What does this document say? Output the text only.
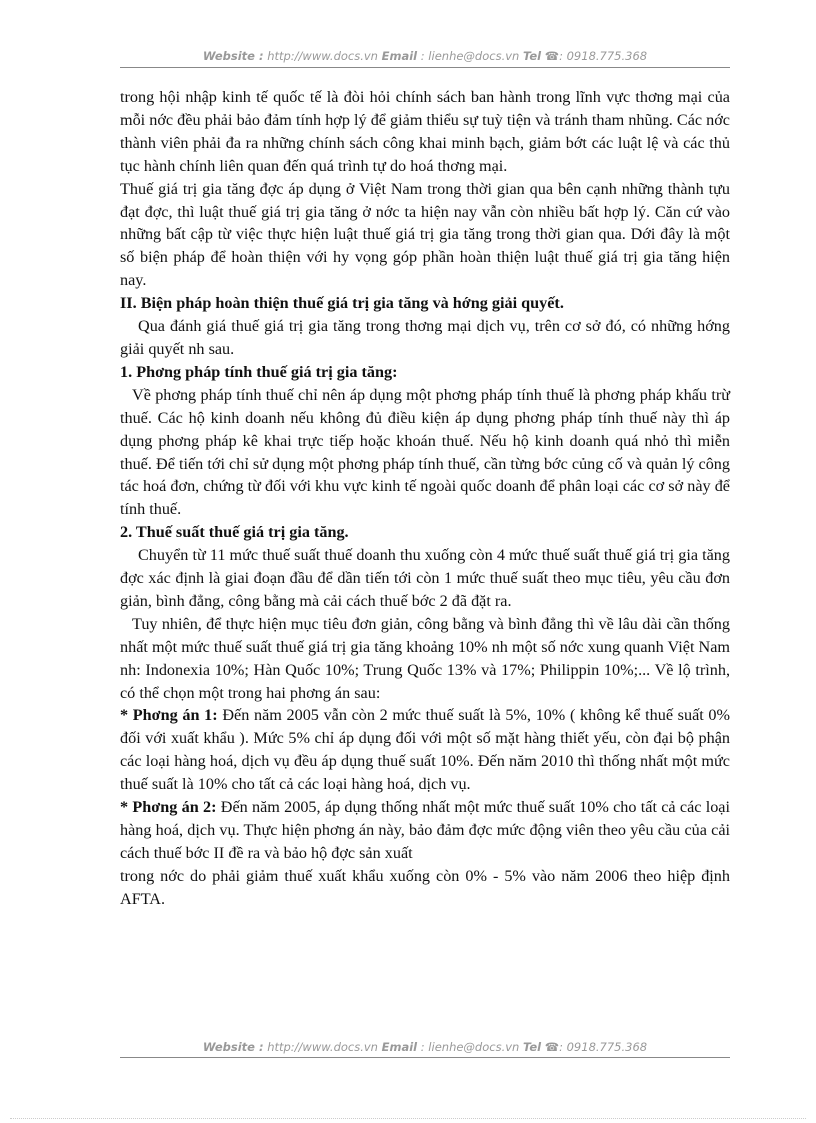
Website : http://www.docs.vn Email : lienhe@docs.vn Tel ☎: 0918.775.368

trong hội nhập kinh tế quốc tế là đòi hỏi chính sách ban hành trong lĩnh vực thơng mại của mỗi nớc đều phải bảo đảm tính hợp lý để giảm thiểu sự tuỳ tiện và tránh tham nhũng. Các nớc thành viên phải đa ra những chính sách công khai minh bạch, giảm bớt các luật lệ và các thủ tục hành chính liên quan đến quá trình tự do hoá thơng mại.

Thuế giá trị gia tăng đợc áp dụng ở Việt Nam trong thời gian qua bên cạnh những thành tựu đạt đợc, thì luật thuế giá trị gia tăng ở nớc ta hiện nay vẫn còn nhiều bất hợp lý. Căn cứ vào những bất cập từ việc thực hiện luật thuế giá trị gia tăng trong thời gian qua. Dới đây là một số biện pháp để hoàn thiện với hy vọng góp phần hoàn thiện luật thuế giá trị gia tăng hiện nay.

II. Biện pháp hoàn thiện thuế giá trị gia tăng và hớng giải quyết.

Qua đánh giá thuế giá trị gia tăng trong thơng mại dịch vụ, trên cơ sở đó, có những hớng giải quyết nh sau.

1. Phơng pháp tính thuế giá trị gia tăng:

Về phơng pháp tính thuế chỉ nên áp dụng một phơng pháp tính thuế là phơng pháp khấu trừ thuế. Các hộ kinh doanh nếu không đủ điều kiện áp dụng phơng pháp tính thuế này thì áp dụng phơng pháp kê khai trực tiếp hoặc khoán thuế. Nếu hộ kinh doanh quá nhỏ thì miễn thuế. Để tiến tới chỉ sử dụng một phơng pháp tính thuế, cần từng bớc củng cố và quản lý công tác hoá đơn, chứng từ đối với khu vực kinh tế ngoài quốc doanh để phân loại các cơ sở này để tính thuế.

2. Thuế suất thuế giá trị gia tăng.

Chuyển từ 11 mức thuế suất thuế doanh thu xuống còn 4 mức thuế suất thuế giá trị gia tăng đợc xác định là giai đoạn đầu để dần tiến tới còn 1 mức thuế suất theo mục tiêu, yêu cầu đơn giản, bình đẳng, công bằng mà cải cách thuế bớc 2 đã đặt ra.

Tuy nhiên, để thực hiện mục tiêu đơn giản, công bằng và bình đẳng thì về lâu dài cần thống nhất một mức thuế suất thuế giá trị gia tăng khoảng 10% nh một số nớc xung quanh Việt Nam nh: Indonexia 10%; Hàn Quốc 10%; Trung Quốc 13% và 17%; Philippin 10%;... Về lộ trình, có thể chọn một trong hai phơng án sau:

* Phơng án 1: Đến năm 2005 vẫn còn 2 mức thuế suất là 5%, 10% ( không kể thuế suất 0% đối với xuất khẩu ). Mức 5% chỉ áp dụng đối với một số mặt hàng thiết yếu, còn đại bộ phận các loại hàng hoá, dịch vụ đều áp dụng thuế suất 10%. Đến năm 2010 thì thống nhất một mức thuế suất là 10% cho tất cả các loại hàng hoá, dịch vụ.

* Phơng án 2: Đến năm 2005, áp dụng thống nhất một mức thuế suất 10% cho tất cả các loại hàng hoá, dịch vụ. Thực hiện phơng án này, bảo đảm đợc mức động viên theo yêu cầu của cải cách thuế bớc II đề ra và bảo hộ đợc sản xuất

trong nớc do phải giảm thuế xuất khẩu xuống còn 0% - 5% vào năm 2006 theo hiệp định AFTA.

Website : http://www.docs.vn Email : lienhe@docs.vn Tel ☎: 0918.775.368
